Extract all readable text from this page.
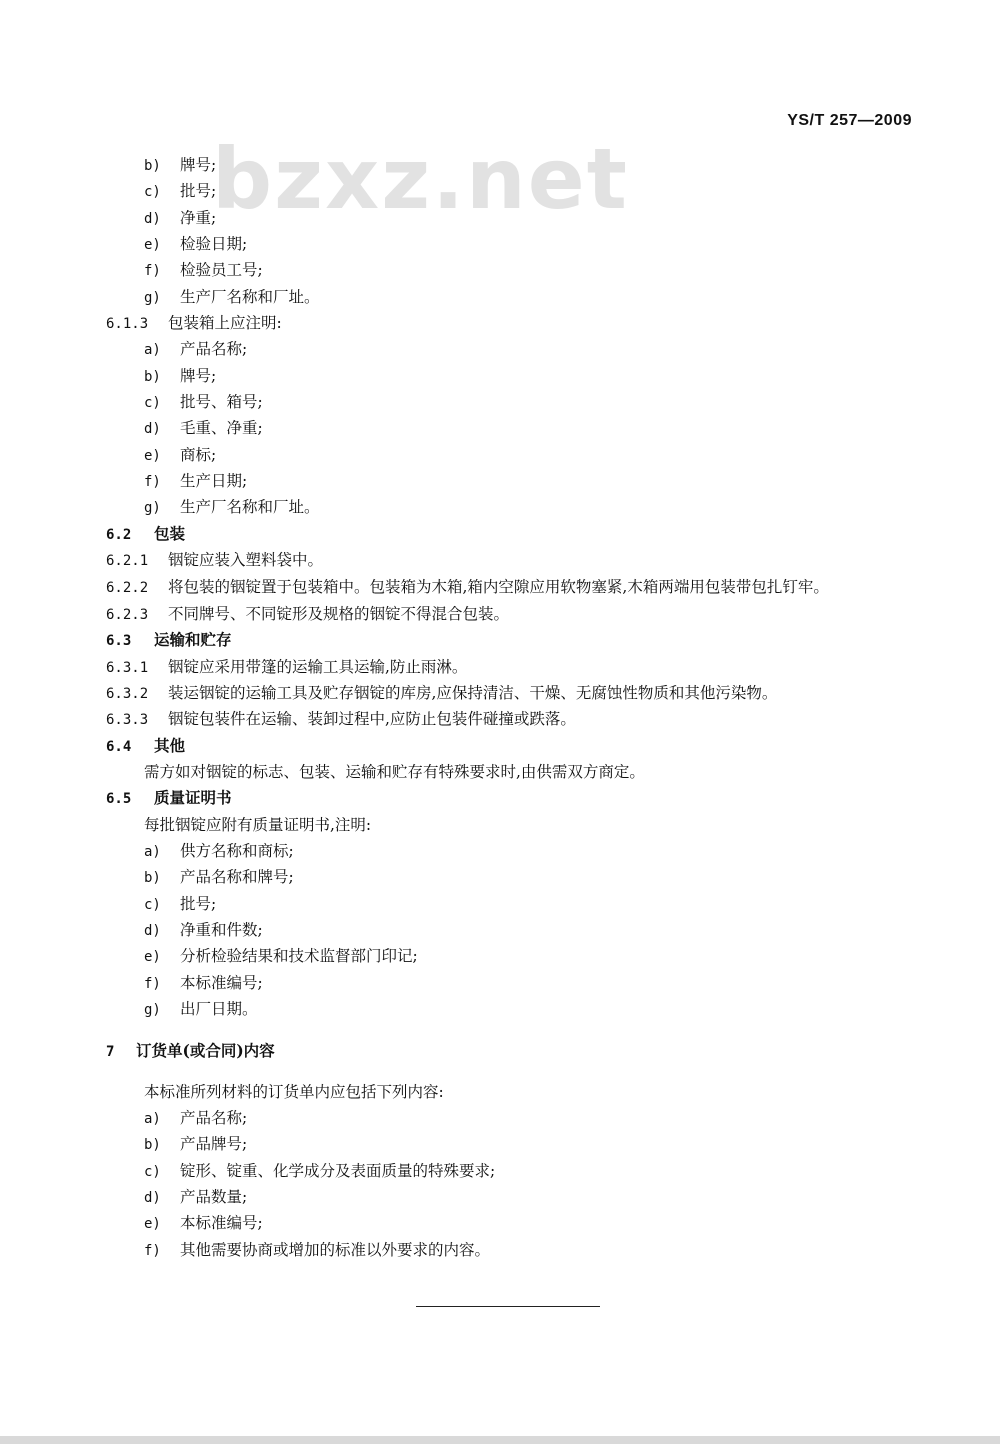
YS/T 257—2009
bzxz.net
b) 牌号;
c) 批号;
d) 净重;
e) 检验日期;
f) 检验员工号;
g) 生产厂名称和厂址。
6.1.3 包装箱上应注明:
a) 产品名称;
b) 牌号;
c) 批号、箱号;
d) 毛重、净重;
e) 商标;
f) 生产日期;
g) 生产厂名称和厂址。
6.2 包装
6.2.1 铟锭应装入塑料袋中。
6.2.2 将包装的铟锭置于包装箱中。包装箱为木箱,箱内空隙应用软物塞紧,木箱两端用包装带包扎钉牢。
6.2.3 不同牌号、不同锭形及规格的铟锭不得混合包装。
6.3 运输和贮存
6.3.1 铟锭应采用带篷的运输工具运输,防止雨淋。
6.3.2 装运铟锭的运输工具及贮存铟锭的库房,应保持清洁、干燥、无腐蚀性物质和其他污染物。
6.3.3 铟锭包装件在运输、装卸过程中,应防止包装件碰撞或跌落。
6.4 其他
需方如对铟锭的标志、包装、运输和贮存有特殊要求时,由供需双方商定。
6.5 质量证明书
每批铟锭应附有质量证明书,注明:
a) 供方名称和商标;
b) 产品名称和牌号;
c) 批号;
d) 净重和件数;
e) 分析检验结果和技术监督部门印记;
f) 本标准编号;
g) 出厂日期。
7 订货单(或合同)内容
本标准所列材料的订货单内应包括下列内容:
a) 产品名称;
b) 产品牌号;
c) 锭形、锭重、化学成分及表面质量的特殊要求;
d) 产品数量;
e) 本标准编号;
f) 其他需要协商或增加的标准以外要求的内容。
